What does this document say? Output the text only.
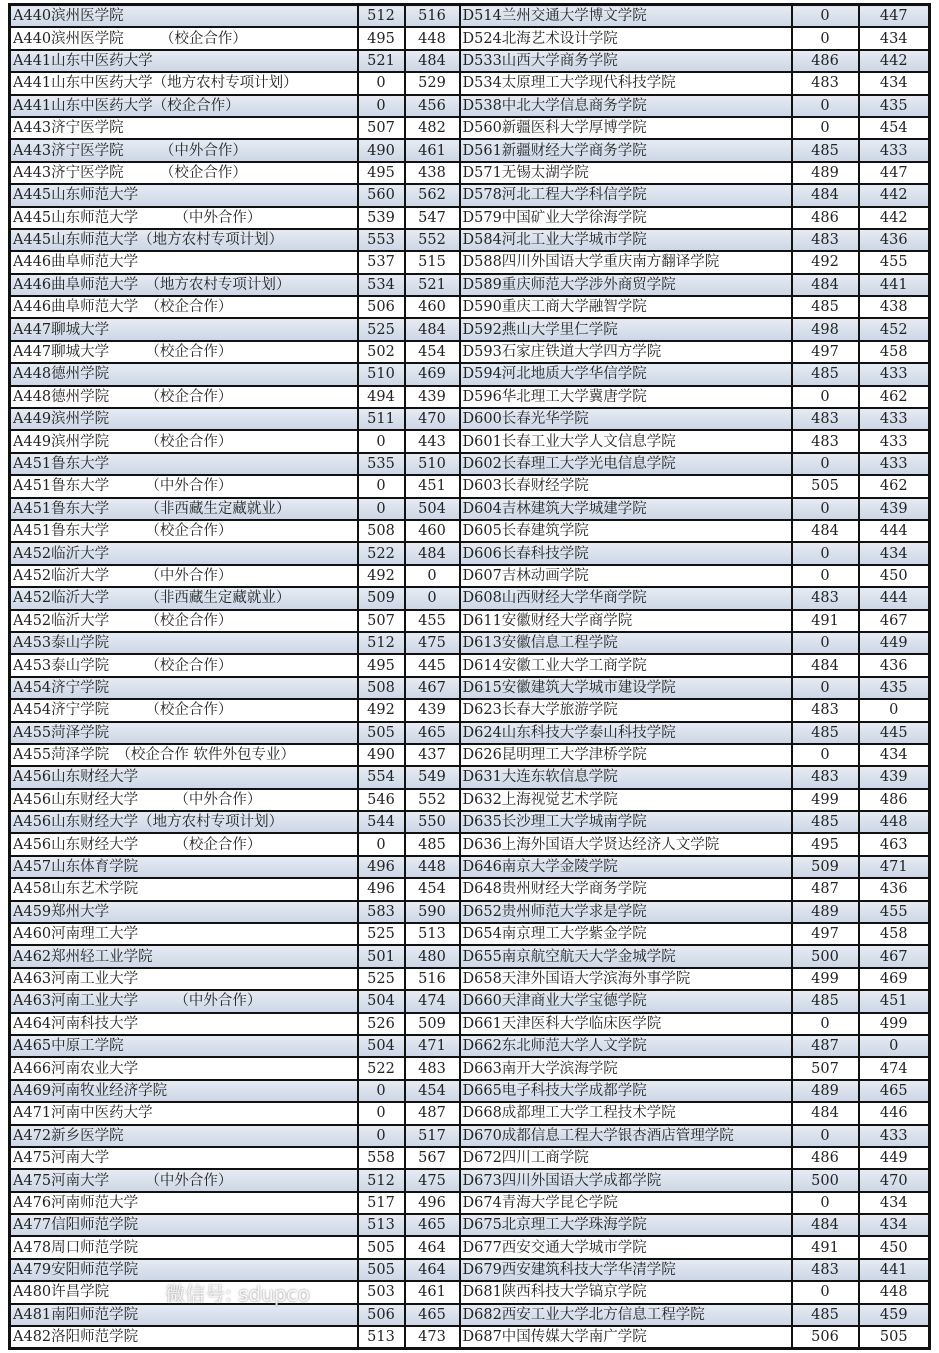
A440滨州医学院	512	516	D514兰州交通大学博文学院	0	447
A440滨州医学院　　　（校企合作）	495	448	D524北海艺术设计学院	0	434
A441山东中医药大学	521	484	D533山西大学商务学院	486	442
A441山东中医药大学（地方农村专项计划）	0	529	D534太原理工大学现代科技学院	483	434
A441山东中医药大学（校企合作）	0	456	D538中北大学信息商务学院	0	435
A443济宁医学院	507	482	D560新疆医科大学厚博学院	0	454
A443济宁医学院　　　（中外合作）	490	461	D561新疆财经大学商务学院	485	433
A443济宁医学院　　　（校企合作）	495	438	D571无锡太湖学院	489	447
A445山东师范大学	560	562	D578河北工程大学科信学院	484	442
A445山东师范大学　　　（中外合作）	539	547	D579中国矿业大学徐海学院	486	442
A445山东师范大学（地方农村专项计划）	553	552	D584河北工业大学城市学院	483	436
A446曲阜师范大学	537	515	D588四川外国语大学重庆南方翻译学院	492	455
A446曲阜师范大学　（地方农村专项计划）	534	521	D589重庆师范大学涉外商贸学院	484	441
A446曲阜师范大学　（校企合作）	506	460	D590重庆工商大学融智学院	485	438
A447聊城大学	525	484	D592燕山大学里仁学院	498	452
A447聊城大学　　　（校企合作）	502	454	D593石家庄铁道大学四方学院	497	458
A448德州学院	510	469	D594河北地质大学华信学院	485	433
A448德州学院　　　（校企合作）	494	439	D596华北理工大学冀唐学院	0	462
A449滨州学院	511	470	D600长春光华学院	483	433
A449滨州学院　　　（校企合作）	0	443	D601长春工业大学人文信息学院	483	433
A451鲁东大学	535	510	D602长春理工大学光电信息学院	0	433
A451鲁东大学　　　（中外合作）	0	451	D603长春财经学院	505	462
A451鲁东大学　　　（非西藏生定藏就业）	0	504	D604吉林建筑大学城建学院	0	439
A451鲁东大学　　　（校企合作）	508	460	D605长春建筑学院	484	444
A452临沂大学	522	484	D606长春科技学院	0	434
A452临沂大学　　　（中外合作）	492	0	D607吉林动画学院	0	450
A452临沂大学　　　（非西藏生定藏就业）	509	0	D608山西财经大学华商学院	483	444
A452临沂大学　　　（校企合作）	507	455	D611安徽财经大学商学院	491	467
A453泰山学院	512	475	D613安徽信息工程学院	0	449
A453泰山学院　　　（校企合作）	495	445	D614安徽工业大学工商学院	484	436
A454济宁学院	508	467	D615安徽建筑大学城市建设学院	0	435
A454济宁学院　　　（校企合作）	492	439	D623长春大学旅游学院	483	0
A455菏泽学院	505	465	D624山东科技大学泰山科技学院	485	445
A455菏泽学院　（校企合作 软件外包专业）	490	437	D626昆明理工大学津桥学院	0	434
A456山东财经大学	554	549	D631大连东软信息学院	483	439
A456山东财经大学　　　（中外合作）	546	552	D632上海视觉艺术学院	499	486
A456山东财经大学（地方农村专项计划）	544	550	D635长沙理工大学城南学院	485	448
A456山东财经大学　　　（校企合作）	0	485	D636上海外国语大学贤达经济人文学院	495	463
A457山东体育学院	496	448	D646南京大学金陵学院	509	471
A458山东艺术学院	496	454	D648贵州财经大学商务学院	487	436
A459郑州大学	583	590	D652贵州师范大学求是学院	489	455
A460河南理工大学	525	513	D654南京理工大学紫金学院	497	458
A462郑州轻工业学院	501	480	D655南京航空航天大学金城学院	500	467
A463河南工业大学	525	516	D658天津外国语大学滨海外事学院	499	469
A463河南工业大学　　　（中外合作）	504	474	D660天津商业大学宝德学院	485	451
A464河南科技大学	526	509	D661天津医科大学临床医学院	0	499
A465中原工学院	504	471	D662东北师范大学人文学院	487	0
A466河南农业大学	522	483	D663南开大学滨海学院	507	474
A469河南牧业经济学院	0	454	D665电子科技大学成都学院	489	465
A471河南中医药大学	0	487	D668成都理工大学工程技术学院	484	446
A472新乡医学院	0	517	D670成都信息工程大学银杏酒店管理学院	0	433
A475河南大学	558	567	D672四川工商学院	486	449
A475河南大学　　　（中外合作）	512	475	D673四川外国语大学成都学院	500	470
A476河南师范大学	517	496	D674青海大学昆仑学院	0	434
A477信阳师范学院	513	465	D675北京理工大学珠海学院	484	434
A478周口师范学院	505	464	D677西安交通大学城市学院	491	450
A479安阳师范学院	505	464	D679西安建筑科技大学华清学院	483	441
A480许昌学院	503	461	D681陕西科技大学镐京学院	0	448
A481南阳师范学院	506	465	D682西安工业大学北方信息工程学院	485	459
A482洛阳师范学院	513	473	D687中国传媒大学南广学院	506	505
微信号: sdupco
